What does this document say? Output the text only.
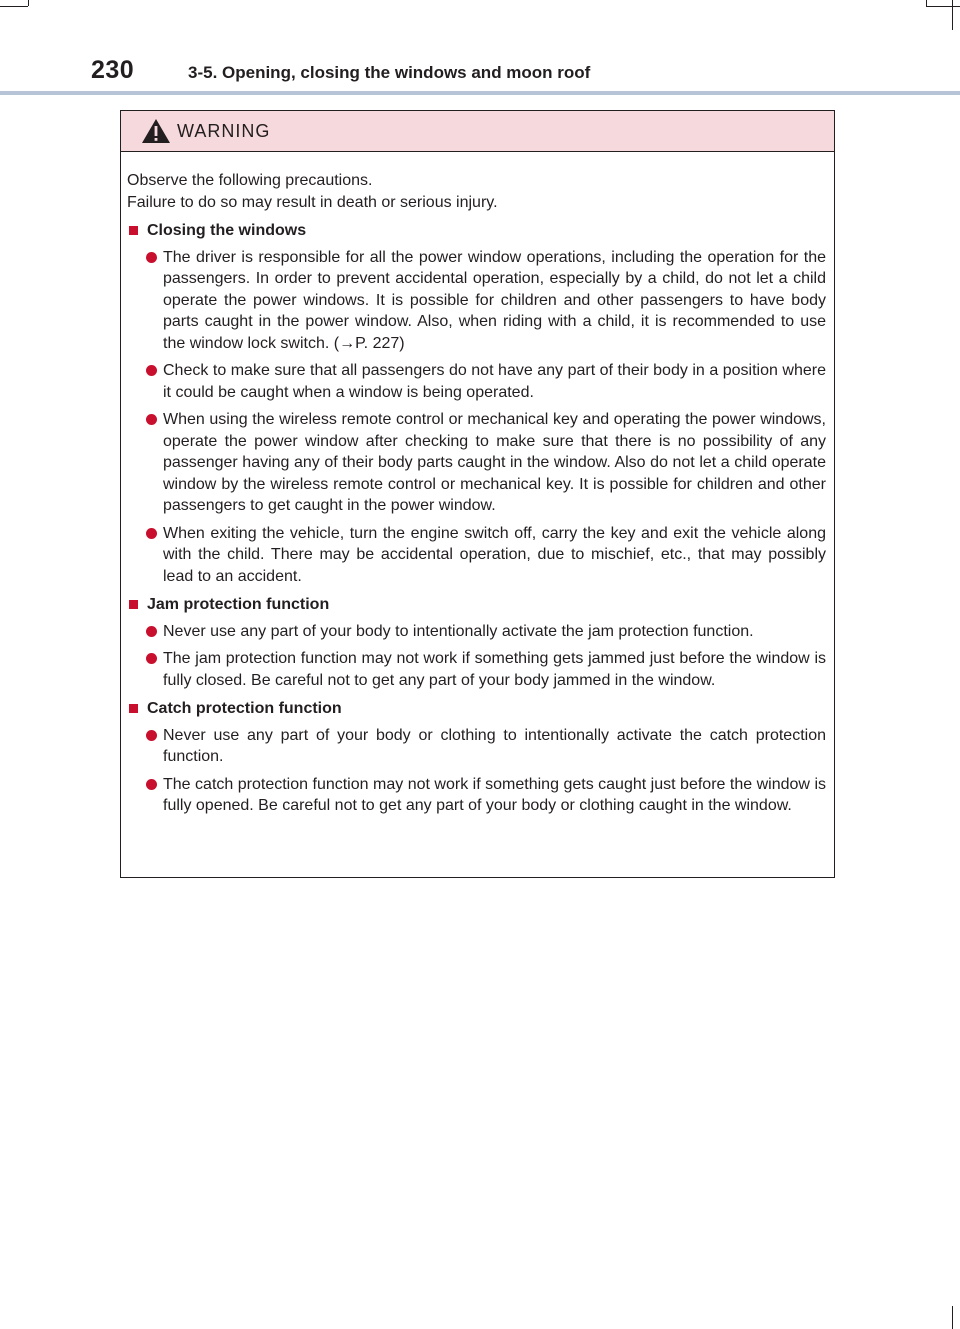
230	3-5. Opening, closing the windows and moon roof
WARNING

Observe the following precautions.

Failure to do so may result in death or serious injury.

Closing the windows
The driver is responsible for all the power window operations, including the operation for the passengers. In order to prevent accidental operation, especially by a child, do not let a child operate the power windows. It is possible for children and other passengers to have body parts caught in the power window. Also, when riding with a child, it is recommended to use the window lock switch. (→P. 227)
Check to make sure that all passengers do not have any part of their body in a position where it could be caught when a window is being operated.
When using the wireless remote control or mechanical key and operating the power windows, operate the power window after checking to make sure that there is no possibility of any passenger having any of their body parts caught in the window. Also do not let a child operate window by the wireless remote control or mechanical key. It is possible for children and other passengers to get caught in the power window.
When exiting the vehicle, turn the engine switch off, carry the key and exit the vehicle along with the child. There may be accidental operation, due to mischief, etc., that may possibly lead to an accident.
Jam protection function
Never use any part of your body to intentionally activate the jam protection function.
The jam protection function may not work if something gets jammed just before the window is fully closed. Be careful not to get any part of your body jammed in the window.
Catch protection function
Never use any part of your body or clothing to intentionally activate the catch protection function.
The catch protection function may not work if something gets caught just before the window is fully opened. Be careful not to get any part of your body or clothing caught in the window.
